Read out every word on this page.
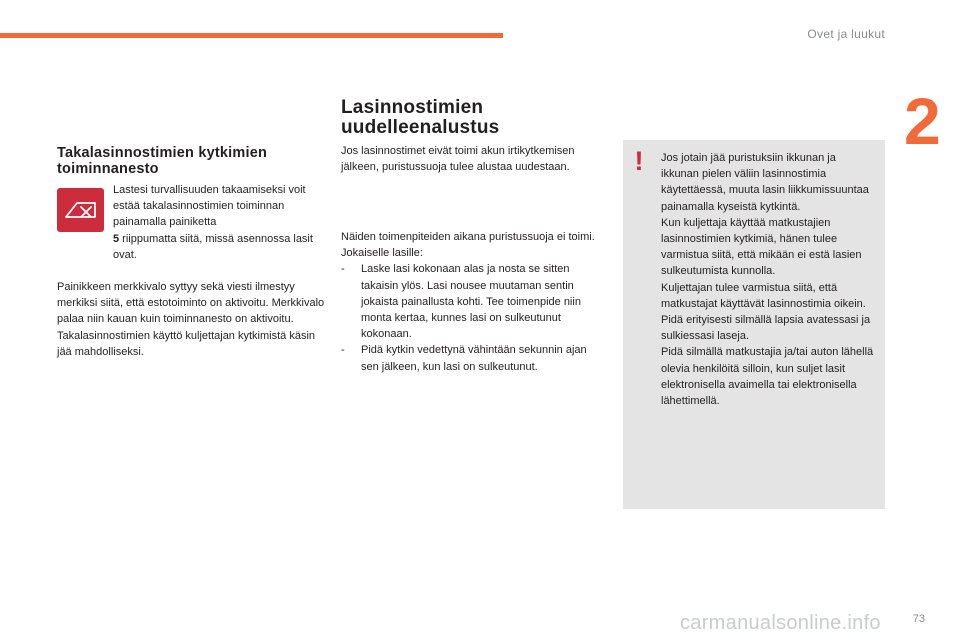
Ovet ja luukut
2
Takalasinnostimien kytkimien toiminnanesto

Lastesi turvallisuuden takaamiseksi voit estää takalasinnostimien toiminnan painamalla painiketta
5 riippumatta siitä, missä asennossa lasit ovat.

Painikkeen merkkivalo syttyy sekä viesti ilmestyy merkiksi siitä, että estotoiminto on aktivoitu. Merkkivalo palaa niin kauan kuin toiminnanesto on aktivoitu.

Takalasinnostimien käyttö kuljettajan kytkimistä käsin jää mahdolliseksi.

Lasinnostimien uudelleenalustus

Jos lasinnostimet eivät toimi akun irtikytkemisen jälkeen, puristussuoja tulee alustaa uudestaan.

Näiden toimenpiteiden aikana puristussuoja ei toimi.

Jokaiselle lasille:

- Laske lasi kokonaan alas ja nosta se sitten takaisin ylös. Lasi nousee muutaman sentin jokaista painallusta kohti. Tee toimenpide niin monta kertaa, kunnes lasi on sulkeutunut kokonaan.
- Pidä kytkin vedettynä vähintään sekunnin ajan sen jälkeen, kun lasi on sulkeutunut.
! Jos jotain jää puristuksiin ikkunan ja ikkunan pielen väliin lasinnostimia käytettäessä, muuta lasin liikkumissuuntaa painamalla kyseistä kytkintä.

Kun kuljettaja käyttää matkustajien lasinnostimien kytkimiä, hänen tulee varmistua siitä, että mikään ei estä lasien sulkeutumista kunnolla.

Kuljettajan tulee varmistua siitä, että matkustajat käyttävät lasinnostimia oikein.

Pidä erityisesti silmällä lapsia avatessasi ja sulkiessasi laseja.

Pidä silmällä matkustajia ja/tai auton lähellä olevia henkilöitä silloin, kun suljet lasit elektronisella avaimella tai elektronisella lähettimellä.

carmanualsonline.info	73
